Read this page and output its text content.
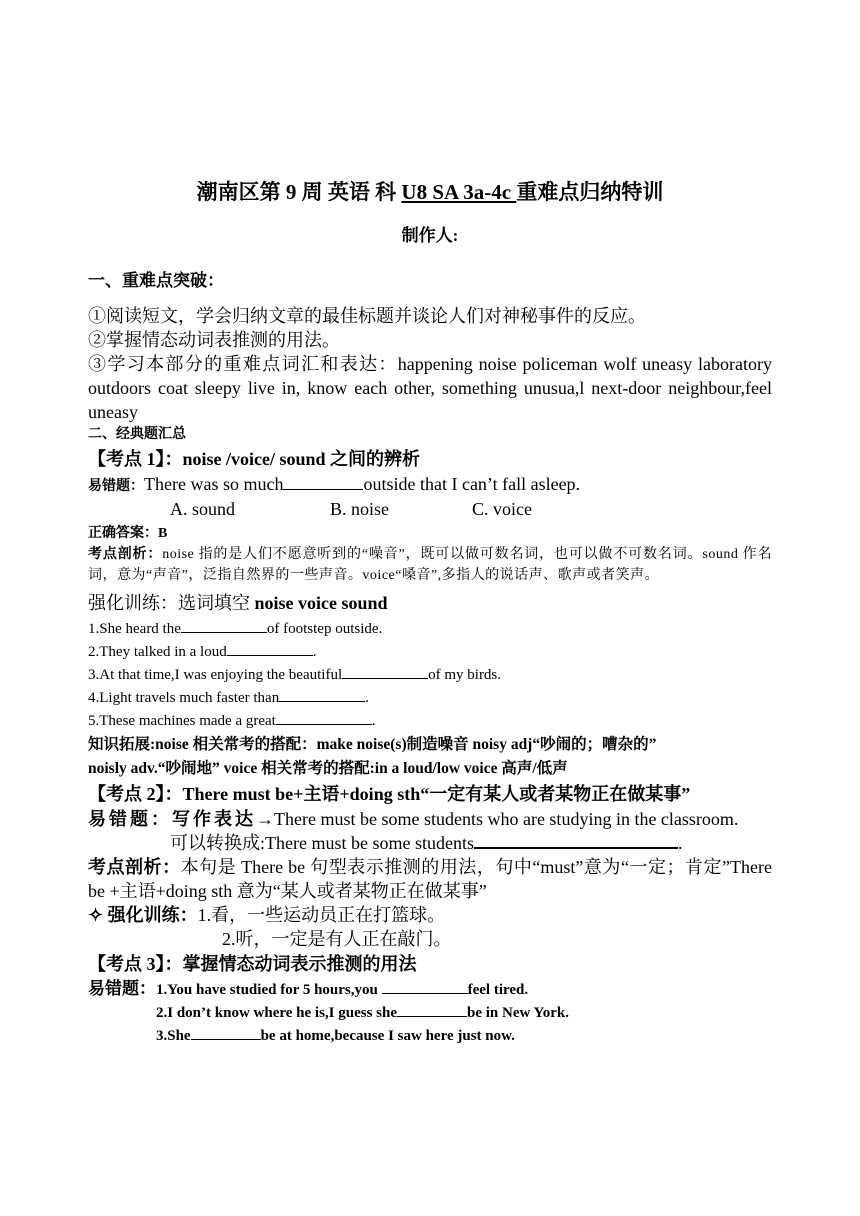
潮南区第 9 周 英语 科 U8 SA 3a-4c 重难点归纳特训
制作人:
一、重难点突破：
①阅读短文，学会归纳文章的最佳标题并谈论人们对神秘事件的反应。
②掌握情态动词表推测的用法。
③学习本部分的重难点词汇和表达：happening noise policeman wolf uneasy laboratory outdoors coat sleepy live in, know each other, something unusua,l next-door neighbour,feel uneasy
二、经典题汇总
【考点 1】：noise /voice/ sound 之间的辨析
易错题：There was so much	outside that I can’t fall asleep.
A. sound	B. noise	C. voice
正确答案：B
考点剖析：noise 指的是人们不愿意听到的“噪音”，既可以做可数名词，也可以做不可数名词。sound 作名词，意为“声音”，泛指自然界的一些声音。voice“嗓音”,多指人的说话声、歌声或者笑声。
强化训练：选词填空 noise voice sound
1.She heard the	of footstep outside.
2.They talked in a loud	.
3.At that time,I was enjoying the beautiful	of my birds.
4.Light travels much faster than	.
5.These machines made a great	.
知识拓展:noise 相关常考的搭配：make noise(s)制造噪音 noisy adj“吵闹的；嘈杂的”
noisly adv.“吵闹地” voice 相关常考的搭配:in a loud/low voice 高声/低声
【考点 2】：There must be+主语+doing sth“一定有某人或者某物正在做某事”
易错题：写作表达→There must be some students who are studying in the classroom.
可以转换成:There must be some students	.
考点剖析：本句是 There be 句型表示推测的用法，句中“must”意为“一定；肯定”There be +主语+doing sth 意为“某人或者某物正在做某事”
✧ 强化训练：1.看，一些运动员正在打篮球。
2.听，一定是有人正在敲门。
【考点 3】：掌握情态动词表示推测的用法
易错题：1.You have studied for 5 hours,you	feel tired.
2.I don’t know where he is,I guess she	be in New York.
3.She	be at home,because I saw here just now.
